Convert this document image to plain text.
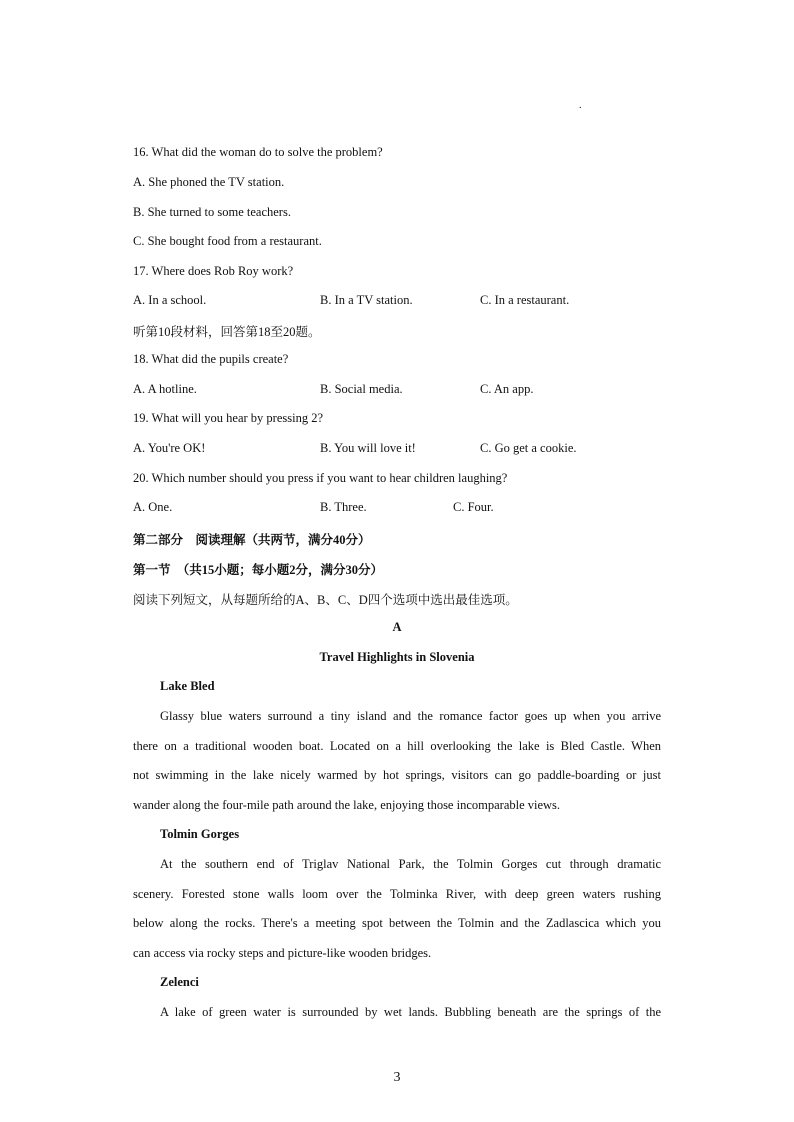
.
16. What did the woman do to solve the problem?
A. She phoned the TV station.
B. She turned to some teachers.
C. She bought food from a restaurant.
17. Where does Rob Roy work?
A. In a school.	B. In a TV station.	C. In a restaurant.
听第10段材料，回答第18至20题。
18. What did the pupils create?
A. A hotline.	B. Social media.	C. An app.
19. What will you hear by pressing 2?
A. You're OK!	B. You will love it!	C. Go get a cookie.
20. Which number should you press if you want to hear children laughing?
A. One.	B. Three.	C. Four.
第二部分　阅读理解（共两节，满分40分）
第一节　（共15小题；每小题2分，满分30分）
阅读下列短文，从每题所给的A、B、C、D四个选项中选出最佳选项。
A
Travel Highlights in Slovenia
Lake Bled
Glassy blue waters surround a tiny island and the romance factor goes up when you arrive
there on a traditional wooden boat. Located on a hill overlooking the lake is Bled Castle. When
not swimming in the lake nicely warmed by hot springs, visitors can go paddle-boarding or just
wander along the four-mile path around the lake, enjoying those incomparable views.
Tolmin Gorges
At the southern end of Triglav National Park, the Tolmin Gorges cut through dramatic
scenery. Forested stone walls loom over the Tolminka River, with deep green waters rushing
below along the rocks. There's a meeting spot between the Tolmin and the Zadlascica which you
can access via rocky steps and picture-like wooden bridges.
Zelenci
A lake of green water is surrounded by wet lands. Bubbling beneath are the springs of the
3
